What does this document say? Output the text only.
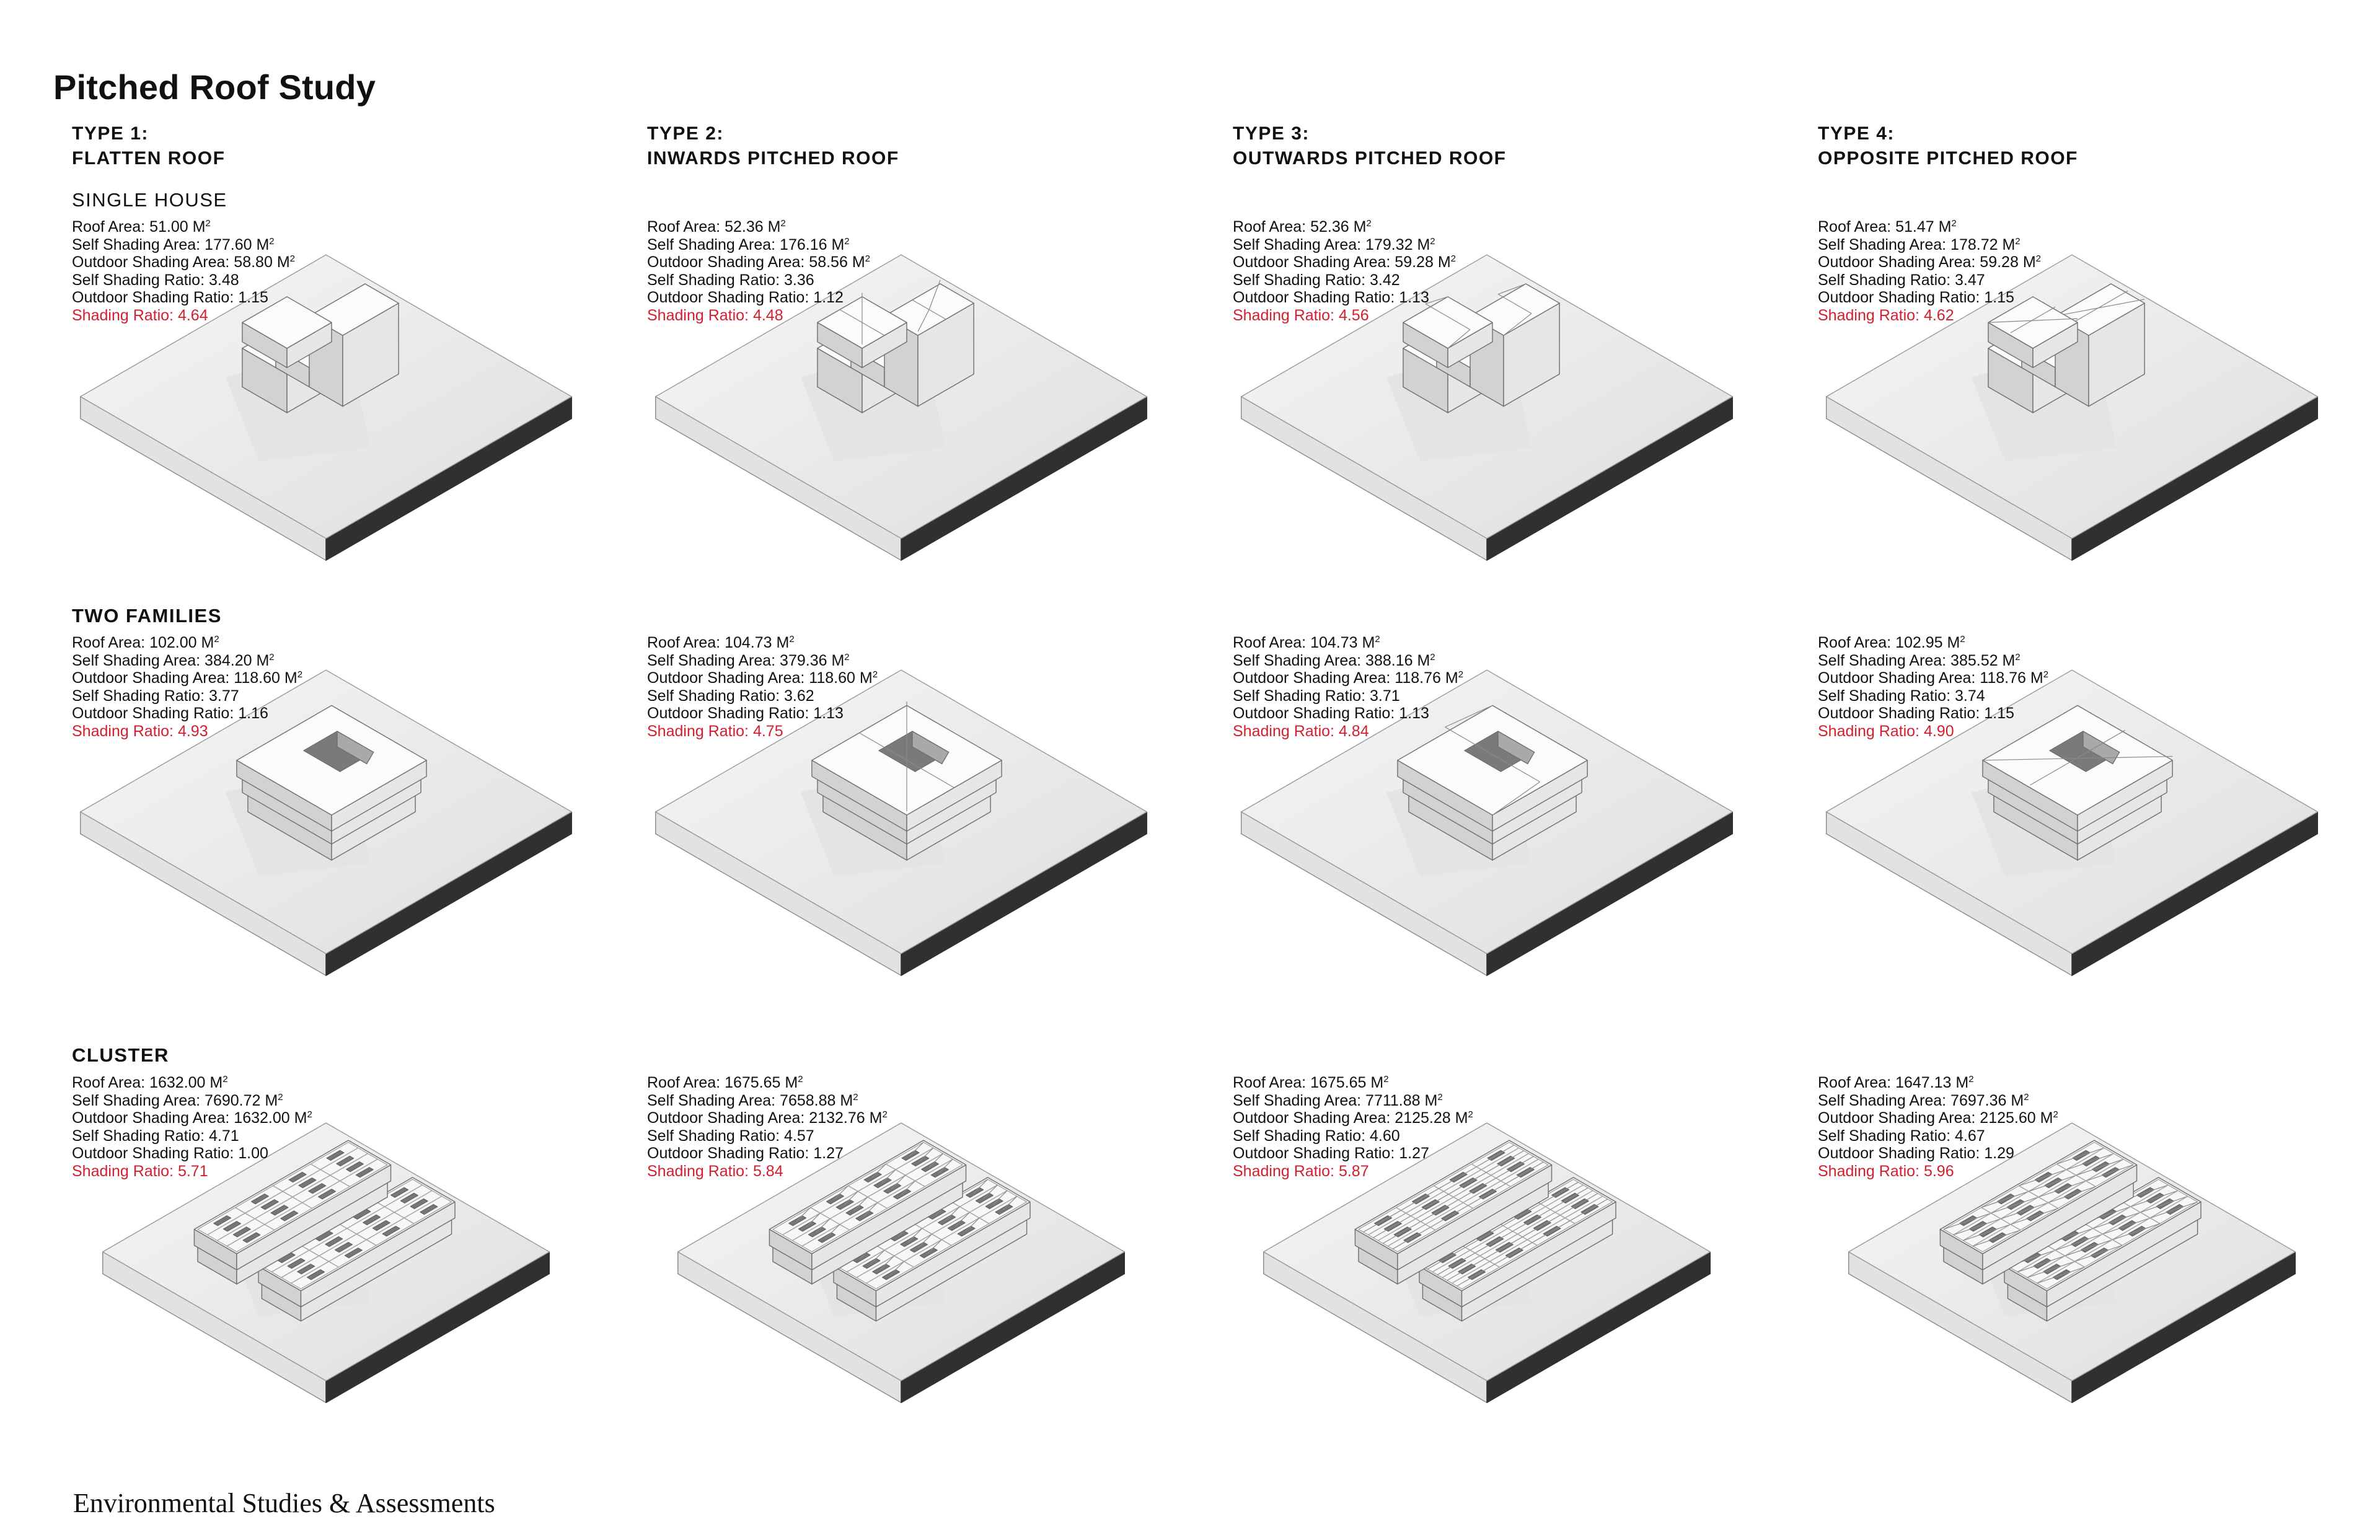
Pitched Roof Study
TYPE 1:
FLATTEN ROOF
TYPE 2:
INWARDS PITCHED ROOF
TYPE 3:
OUTWARDS PITCHED ROOF
TYPE 4:
OPPOSITE PITCHED ROOF
SINGLE HOUSE
Roof Area: 51.00 $M^2$
Self Shading Area: 177.60 $M^2$
Outdoor Shading Area: 58.80 $M^2$
Self Shading Ratio: 3.48
Outdoor Shading Ratio: 1.15
Shading Ratio: 4.64
Roof Area: 52.36 $M^2$
Self Shading Area: 176.16 $M^2$
Outdoor Shading Area: 58.56 $M^2$
Self Shading Ratio: 3.36
Outdoor Shading Ratio: 1.12
Shading Ratio: 4.48
Roof Area: 52.36 $M^2$
Self Shading Area: 179.32 $M^2$
Outdoor Shading Area: 59.28 $M^2$
Self Shading Ratio: 3.42
Outdoor Shading Ratio: 1.13
Shading Ratio: 4.56
Roof Area: 51.47 $M^2$
Self Shading Area: 178.72 $M^2$
Outdoor Shading Area: 59.28 $M^2$
Self Shading Ratio: 3.47
Outdoor Shading Ratio: 1.15
Shading Ratio: 4.62
TWO FAMILIES
Roof Area: 102.00 $M^2$
Self Shading Area: 384.20 $M^2$
Outdoor Shading Area: 118.60 $M^2$
Self Shading Ratio: 3.77
Outdoor Shading Ratio: 1.16
Shading Ratio: 4.93
Roof Area: 104.73 $M^2$
Self Shading Area: 379.36 $M^2$
Outdoor Shading Area: 118.60 $M^2$
Self Shading Ratio: 3.62
Outdoor Shading Ratio: 1.13
Shading Ratio: 4.75
Roof Area: 104.73 $M^2$
Self Shading Area: 388.16 $M^2$
Outdoor Shading Area: 118.76 $M^2$
Self Shading Ratio: 3.71
Outdoor Shading Ratio: 1.13
Shading Ratio: 4.84
Roof Area: 102.95 $M^2$
Self Shading Area: 385.52 $M^2$
Outdoor Shading Area: 118.76 $M^2$
Self Shading Ratio: 3.74
Outdoor Shading Ratio: 1.15
Shading Ratio: 4.90
CLUSTER
Roof Area: 1632.00 $M^2$
Self Shading Area: 7690.72 $M^2$
Outdoor Shading Area: 1632.00 $M^2$
Self Shading Ratio: 4.71
Outdoor Shading Ratio: 1.00
Shading Ratio: 5.71
Roof Area: 1675.65 $M^2$
Self Shading Area: 7658.88 $M^2$
Outdoor Shading Area: 2132.76 $M^2$
Self Shading Ratio: 4.57
Outdoor Shading Ratio: 1.27
Shading Ratio: 5.84
Roof Area: 1675.65 $M^2$
Self Shading Area: 7711.88 $M^2$
Outdoor Shading Area: 2125.28 $M^2$
Self Shading Ratio: 4.60
Outdoor Shading Ratio: 1.27
Shading Ratio: 5.87
Roof Area: 1647.13 $M^2$
Self Shading Area: 7697.36 $M^2$
Outdoor Shading Area: 2125.60 $M^2$
Self Shading Ratio: 4.67
Outdoor Shading Ratio: 1.29
Shading Ratio: 5.96
Environmental Studies & Assessments
